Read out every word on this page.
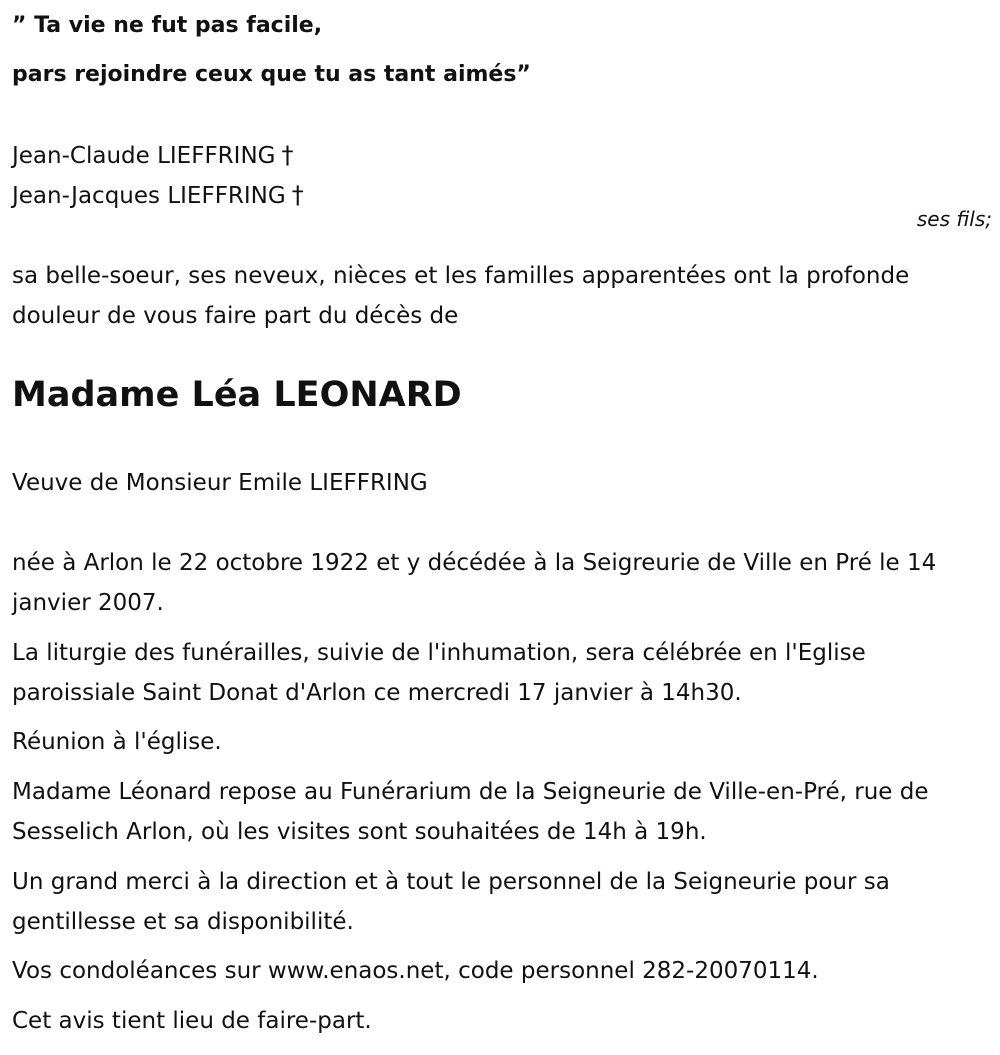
” Ta vie ne fut pas facile,

pars rejoindre ceux que tu as tant aimés”

Jean-Claude LIEFFRING †
Jean-Jacques LIEFFRING †
ses fils;

sa belle-soeur, ses neveux, nièces et les familles apparentées ont la profonde douleur de vous faire part du décès de

Madame Léa LEONARD

Veuve de Monsieur Emile LIEFFRING

née à Arlon le 22 octobre 1922 et y décédée à la Seigreurie de Ville en Pré le 14 janvier 2007.

La liturgie des funérailles, suivie de l'inhumation, sera célébrée en l'Eglise paroissiale Saint Donat d'Arlon ce mercredi 17 janvier à 14h30.

Réunion à l'église.

Madame Léonard repose au Funérarium de la Seigneurie de Ville-en-Pré, rue de Sesselich Arlon, où les visites sont souhaitées de 14h à 19h.

Un grand merci à la direction et à tout le personnel de la Seigneurie pour sa gentillesse et sa disponibilité.

Vos condoléances sur www.enaos.net, code personnel 282-20070114.

Cet avis tient lieu de faire-part.
